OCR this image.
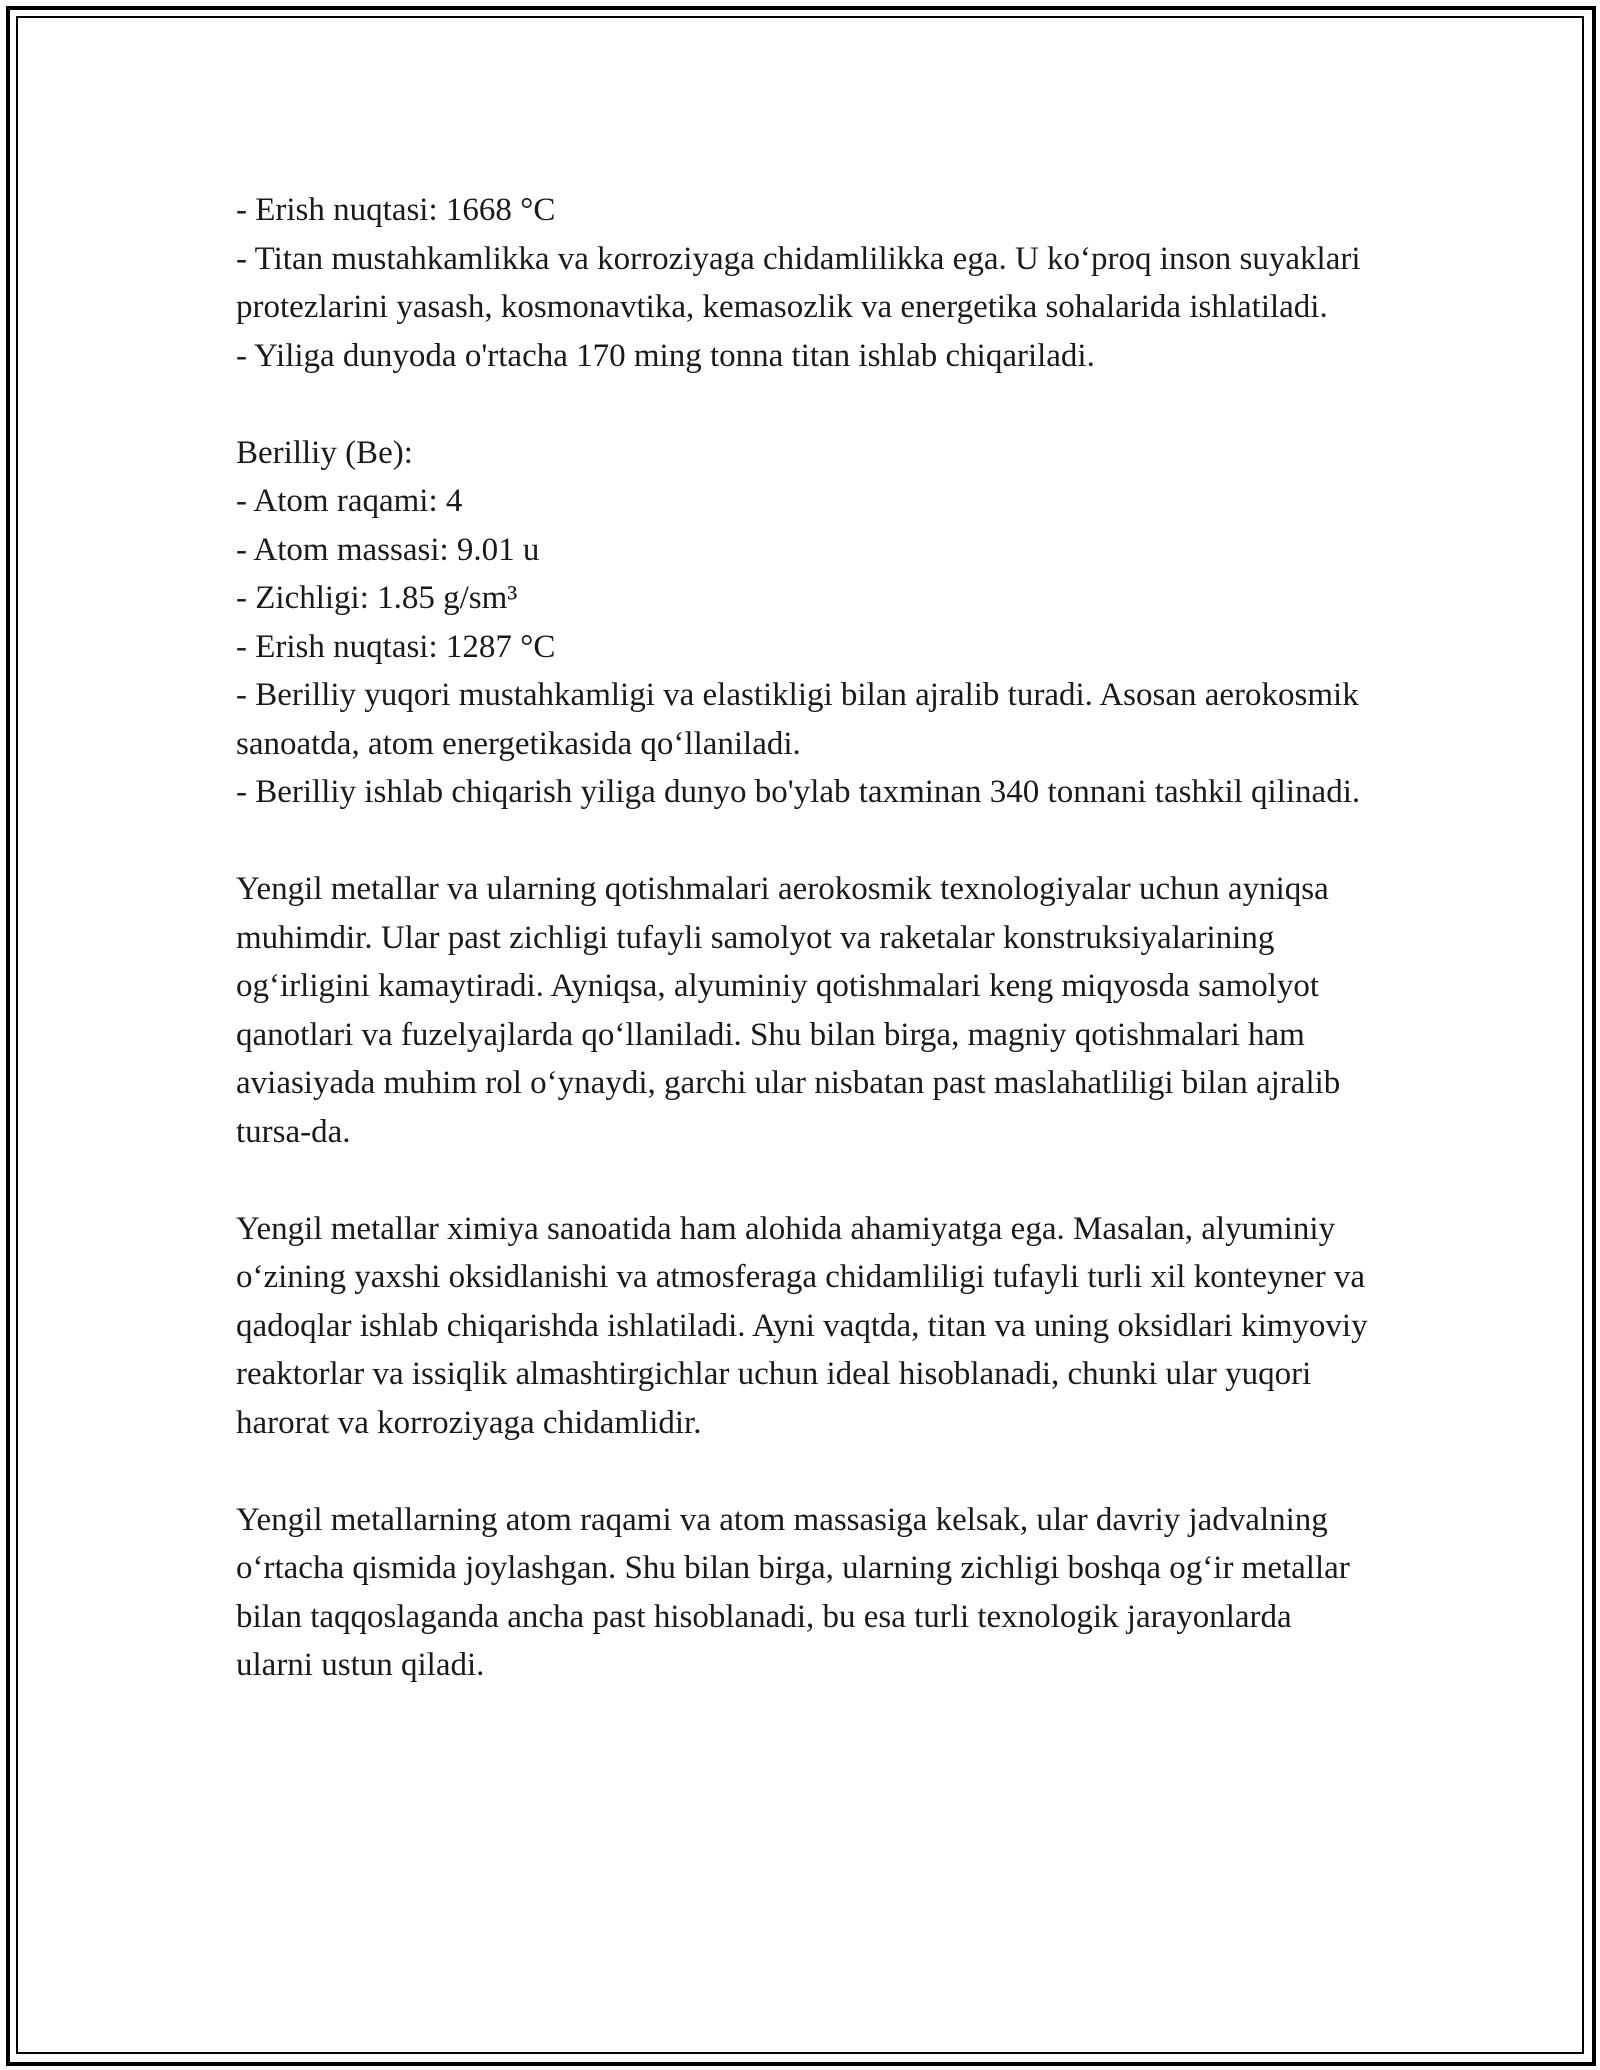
- Erish nuqtasi: 1668 °C
- Titan mustahkamlikka va korroziyaga chidamlilikka ega. U ko‘proq inson suyaklari protezlarini yasash, kosmonavtika, kemasozlik va energetika sohalarida ishlatiladi.
- Yiliga dunyoda o'rtacha 170 ming tonna titan ishlab chiqariladi.
Berilliy (Be):
- Atom raqami: 4
- Atom massasi: 9.01 u
- Zichligi: 1.85 g/sm³
- Erish nuqtasi: 1287 °C
- Berilliy yuqori mustahkamligi va elastikligi bilan ajralib turadi. Asosan aerokosmik sanoatda, atom energetikasida qo‘llaniladi.
- Berilliy ishlab chiqarish yiliga dunyo bo'ylab taxminan 340 tonnani tashkil qilinadi.

Yengil metallar va ularning qotishmalari aerokosmik texnologiyalar uchun ayniqsa muhimdir. Ular past zichligi tufayli samolyot va raketalar konstruksiyalarining og‘irligini kamaytiradi. Ayniqsa, alyuminiy qotishmalari keng miqyosda samolyot qanotlari va fuzelyajlarda qo‘llaniladi. Shu bilan birga, magniy qotishmalari ham aviasiyada muhim rol o‘ynaydi, garchi ular nisbatan past maslahatliligi bilan ajralib tursa-da.

Yengil metallar ximiya sanoatida ham alohida ahamiyatga ega. Masalan, alyuminiy o‘zining yaxshi oksidlanishi va atmosferaga chidamliligi tufayli turli xil konteyner va qadoqlar ishlab chiqarishda ishlatiladi. Ayni vaqtda, titan va uning oksidlari kimyoviy reaktorlar va issiqlik almashtirgichlar uchun ideal hisoblanadi, chunki ular yuqori harorat va korroziyaga chidamlidir.

Yengil metallarning atom raqami va atom massasiga kelsak, ular davriy jadvalning o‘rtacha qismida joylashgan. Shu bilan birga, ularning zichligi boshqa og‘ir metallar bilan taqqoslaganda ancha past hisoblanadi, bu esa turli texnologik jarayonlarda ularni ustun qiladi.
